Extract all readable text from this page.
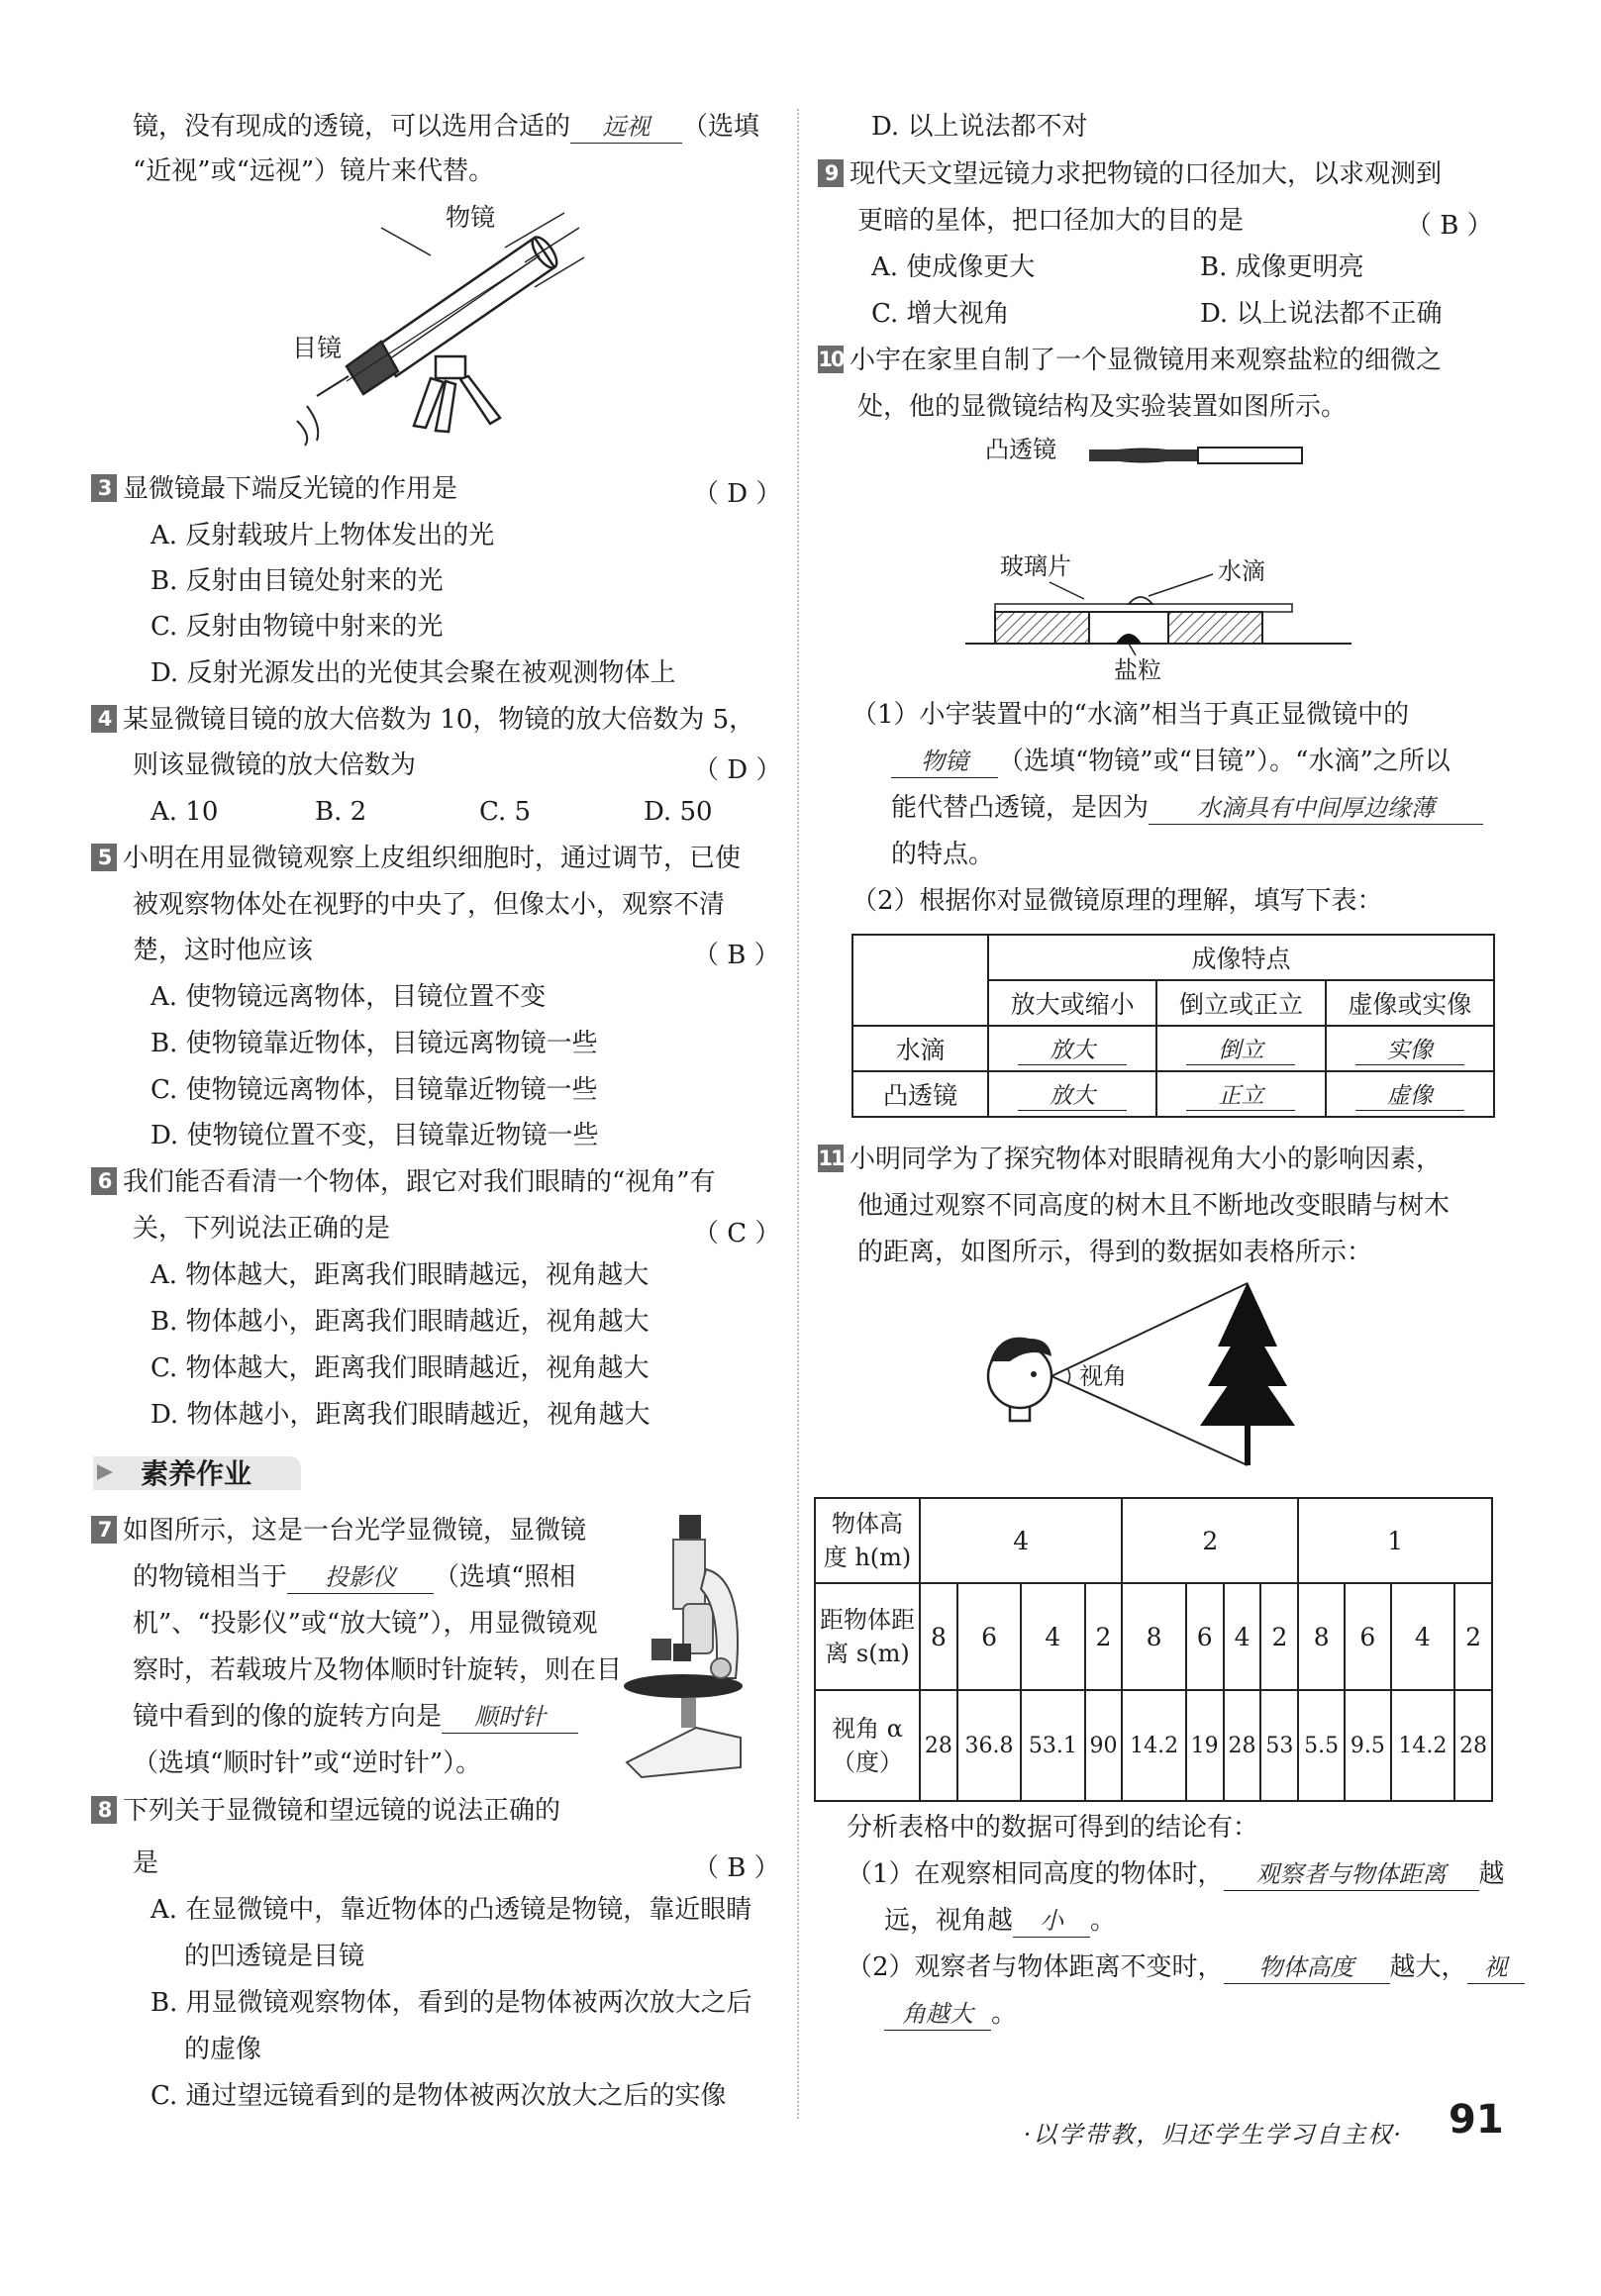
镜，没有现成的透镜，可以选用合适的 远视 （选填
“近视”或“远视”）镜片来代替。
物镜
目镜
3 显微镜最下端反光镜的作用是	（ D ）
A. 反射载玻片上物体发出的光
B. 反射由目镜处射来的光
C. 反射由物镜中射来的光
D. 反射光源发出的光使其会聚在被观测物体上
4 某显微镜目镜的放大倍数为 10，物镜的放大倍数为 5，
则该显微镜的放大倍数为	（ D ）
A. 10	B. 2	C. 5	D. 50
5 小明在用显微镜观察上皮组织细胞时，通过调节，已使
被观察物体处在视野的中央了，但像太小，观察不清
楚，这时他应该	（ B ）
A. 使物镜远离物体，目镜位置不变
B. 使物镜靠近物体，目镜远离物镜一些
C. 使物镜远离物体，目镜靠近物镜一些
D. 使物镜位置不变，目镜靠近物镜一些
6 我们能否看清一个物体，跟它对我们眼睛的“视角”有
关，下列说法正确的是	（ C ）
A. 物体越大，距离我们眼睛越远，视角越大
B. 物体越小，距离我们眼睛越近，视角越大
C. 物体越大，距离我们眼睛越近，视角越大
D. 物体越小，距离我们眼睛越近，视角越大
素养作业
7 如图所示，这是一台光学显微镜，显微镜
的物镜相当于 投影仪 （选填“照相
机”、“投影仪”或“放大镜”），用显微镜观
察时，若载玻片及物体顺时针旋转，则在目
镜中看到的像的旋转方向是 顺时针
（选填“顺时针”或“逆时针”）。
8 下列关于显微镜和望远镜的说法正确的
是	（ B ）
A. 在显微镜中，靠近物体的凸透镜是物镜，靠近眼睛
的凹透镜是目镜
B. 用显微镜观察物体，看到的是物体被两次放大之后
的虚像
C. 通过望远镜看到的是物体被两次放大之后的实像
D. 以上说法都不对
9 现代天文望远镜力求把物镜的口径加大，以求观测到
更暗的星体，把口径加大的目的是	（ B ）
A. 使成像更大	B. 成像更明亮
C. 增大视角	D. 以上说法都不正确
10 小宇在家里自制了一个显微镜用来观察盐粒的细微之
处，他的显微镜结构及实验装置如图所示。
凸透镜
玻璃片	水滴
盐粒
（1）小宇装置中的“水滴”相当于真正显微镜中的
物镜 （选填“物镜”或“目镜”）。“水滴”之所以
能代替凸透镜，是因为 水滴具有中间厚边缘薄
的特点。
（2）根据你对显微镜原理的理解，填写下表：
	成像特点		
	放大或缩小	倒立或正立	虚像或实像
水滴	放大	倒立	实像
凸透镜	放大	正立	虚像
11 小明同学为了探究物体对眼睛视角大小的影响因素，
他通过观察不同高度的树木且不断地改变眼睛与树木
的距离，如图所示，得到的数据如表格所示：
视角
物体高
度 h(m)	4				2				1			
距物体距
离 s(m)	8	6	4	2	8	6	4	2	8	6	4	2
视角 α
（度）	28	36.8	53.1	90	14.2	19	28	53	5.5	9.5	14.2	28
分析表格中的数据可得到的结论有：
（1）在观察相同高度的物体时， 观察者与物体距离 越
远，视角越 小 。
（2）观察者与物体距离不变时， 物体高度 越大， 视
角越大 。
·以学带教，归还学生学习自主权· 91
